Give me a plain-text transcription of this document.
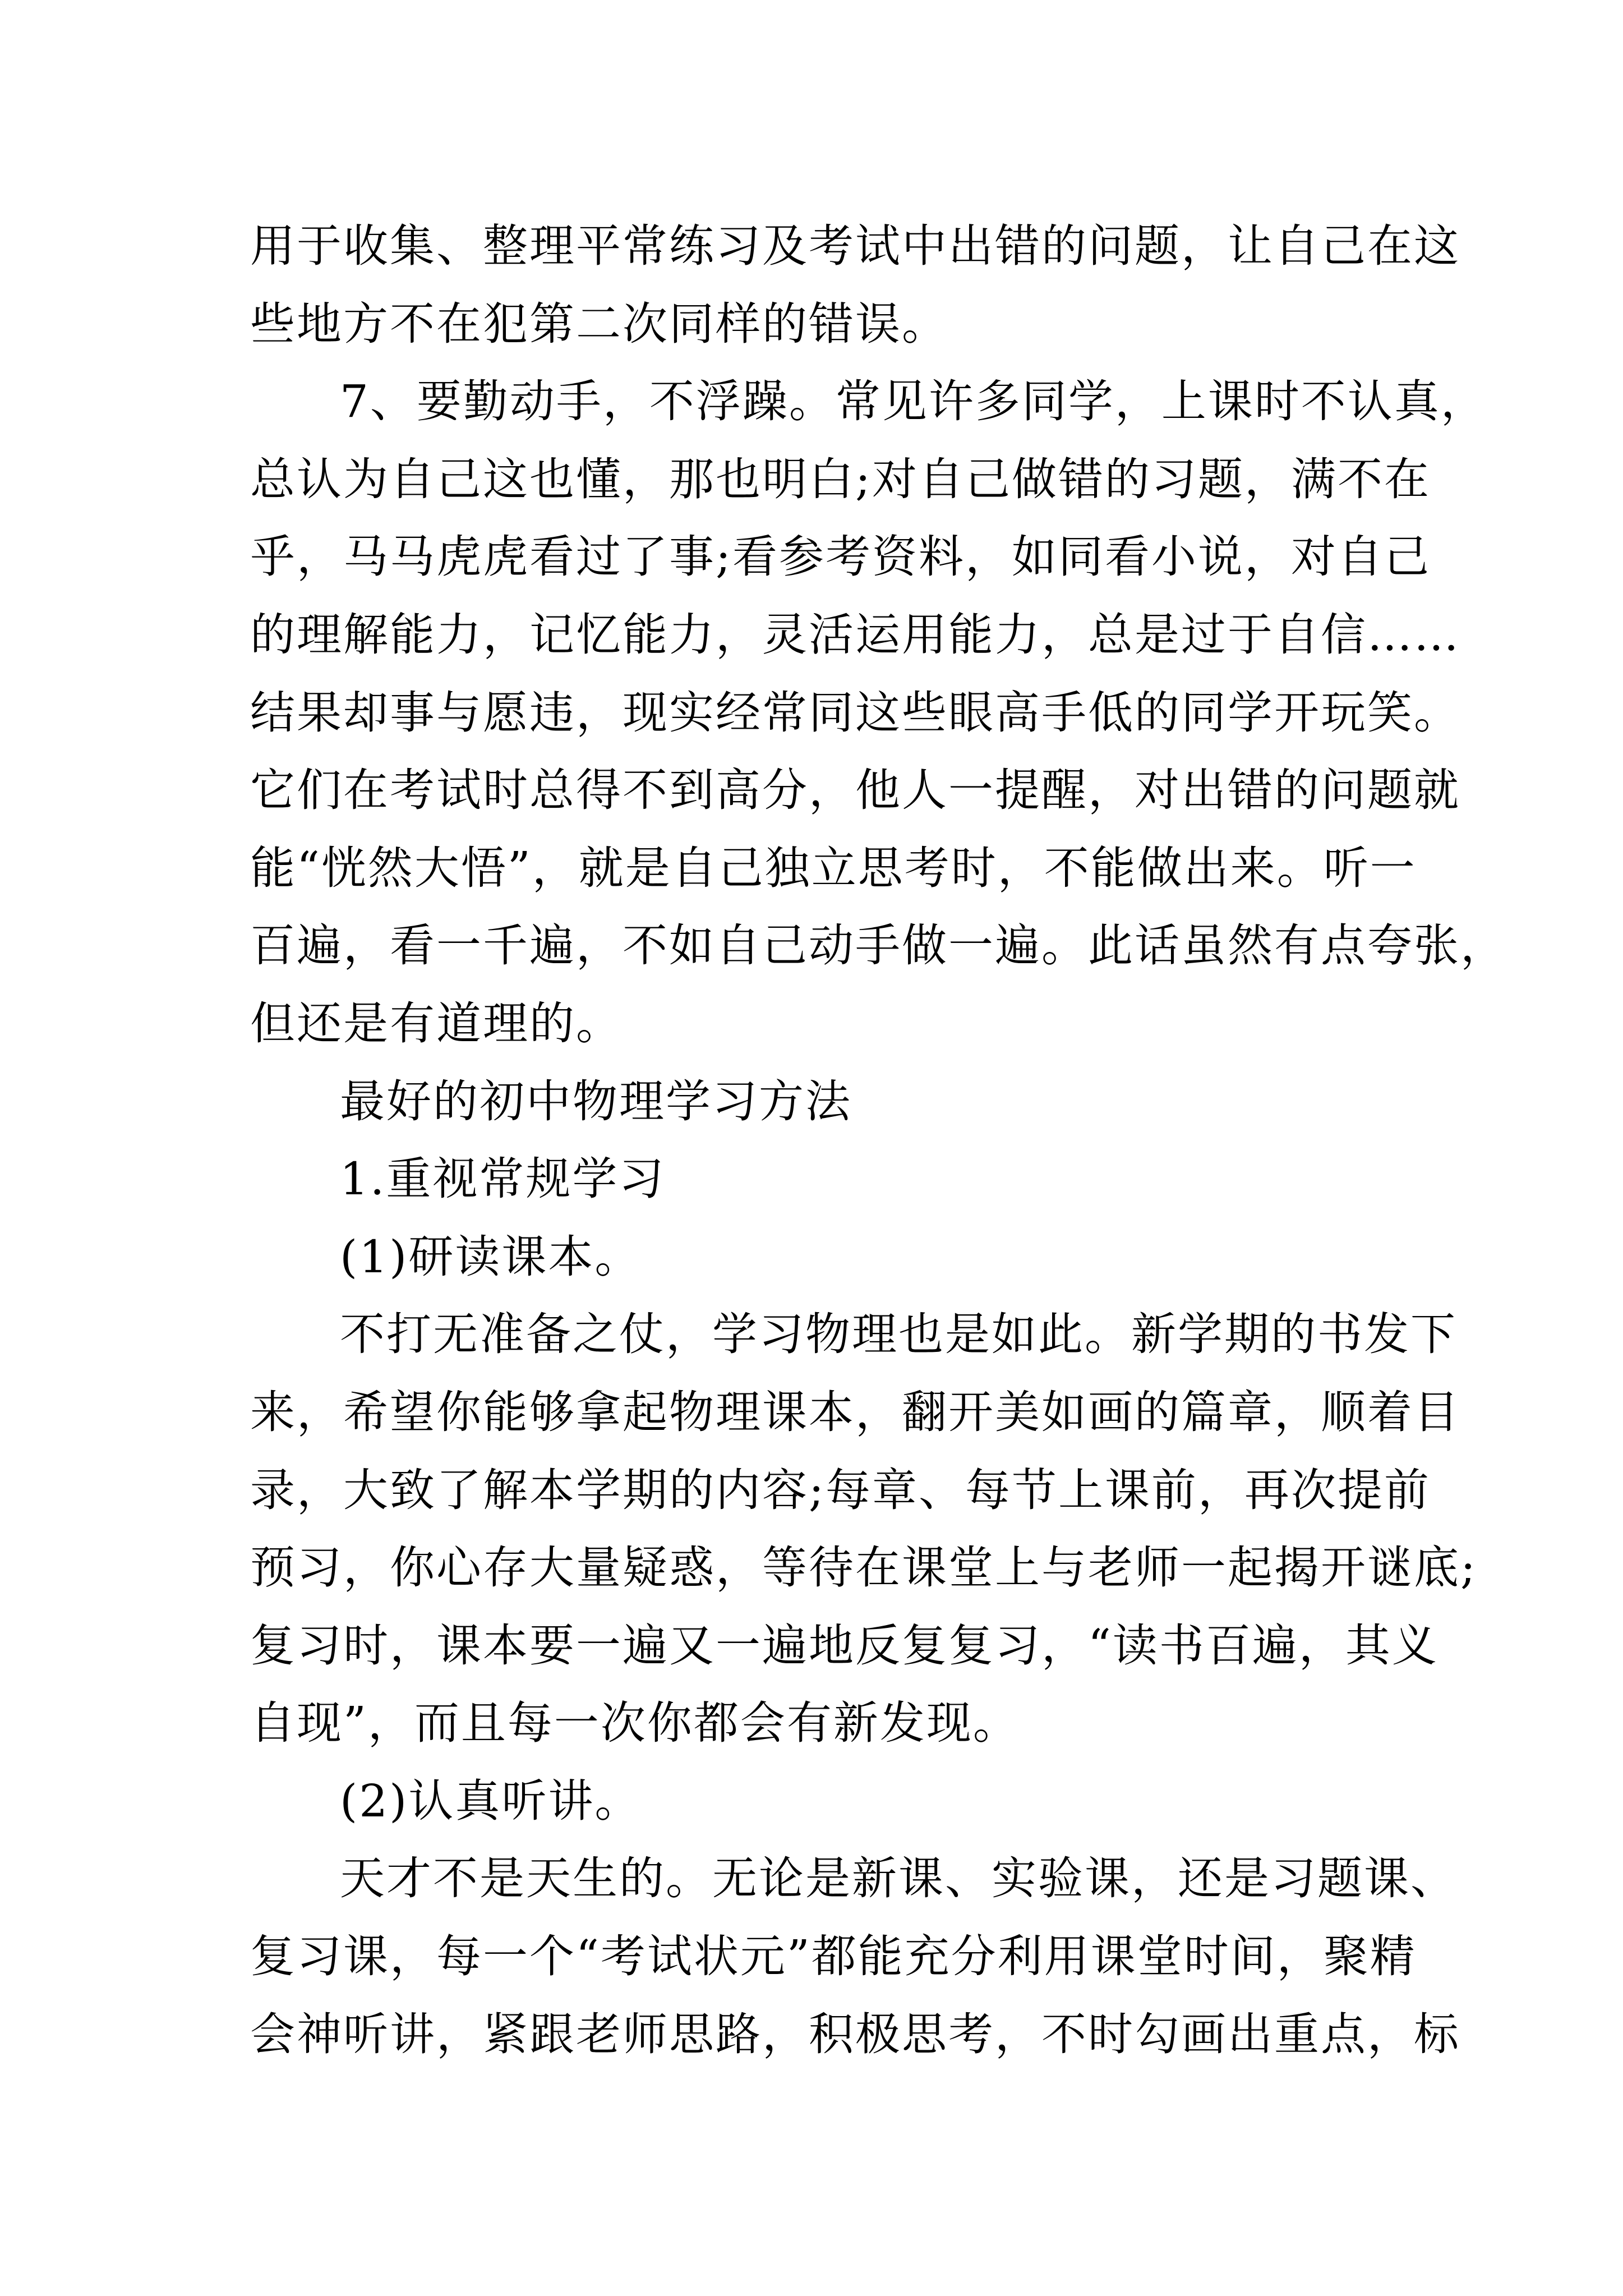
用于收集、整理平常练习及考试中出错的问题，让自己在这
些地方不在犯第二次同样的错误。

7、要勤动手，不浮躁。常见许多同学，上课时不认真，
总认为自己这也懂，那也明白;对自己做错的习题，满不在
乎，马马虎虎看过了事;看参考资料，如同看小说，对自己
的理解能力，记忆能力，灵活运用能力，总是过于自信……
结果却事与愿违，现实经常同这些眼高手低的同学开玩笑。
它们在考试时总得不到高分，他人一提醒，对出错的问题就
能“恍然大悟”，就是自己独立思考时，不能做出来。听一
百遍，看一千遍，不如自己动手做一遍。此话虽然有点夸张，
但还是有道理的。

最好的初中物理学习方法

1.重视常规学习

(1)研读课本。

不打无准备之仗，学习物理也是如此。新学期的书发下
来，希望你能够拿起物理课本，翻开美如画的篇章，顺着目
录，大致了解本学期的内容;每章、每节上课前，再次提前
预习，你心存大量疑惑，等待在课堂上与老师一起揭开谜底;
复习时，课本要一遍又一遍地反复复习，“读书百遍，其义
自现”，而且每一次你都会有新发现。

(2)认真听讲。

天才不是天生的。无论是新课、实验课，还是习题课、
复习课，每一个“考试状元”都能充分利用课堂时间，聚精
会神听讲，紧跟老师思路，积极思考，不时勾画出重点，标
